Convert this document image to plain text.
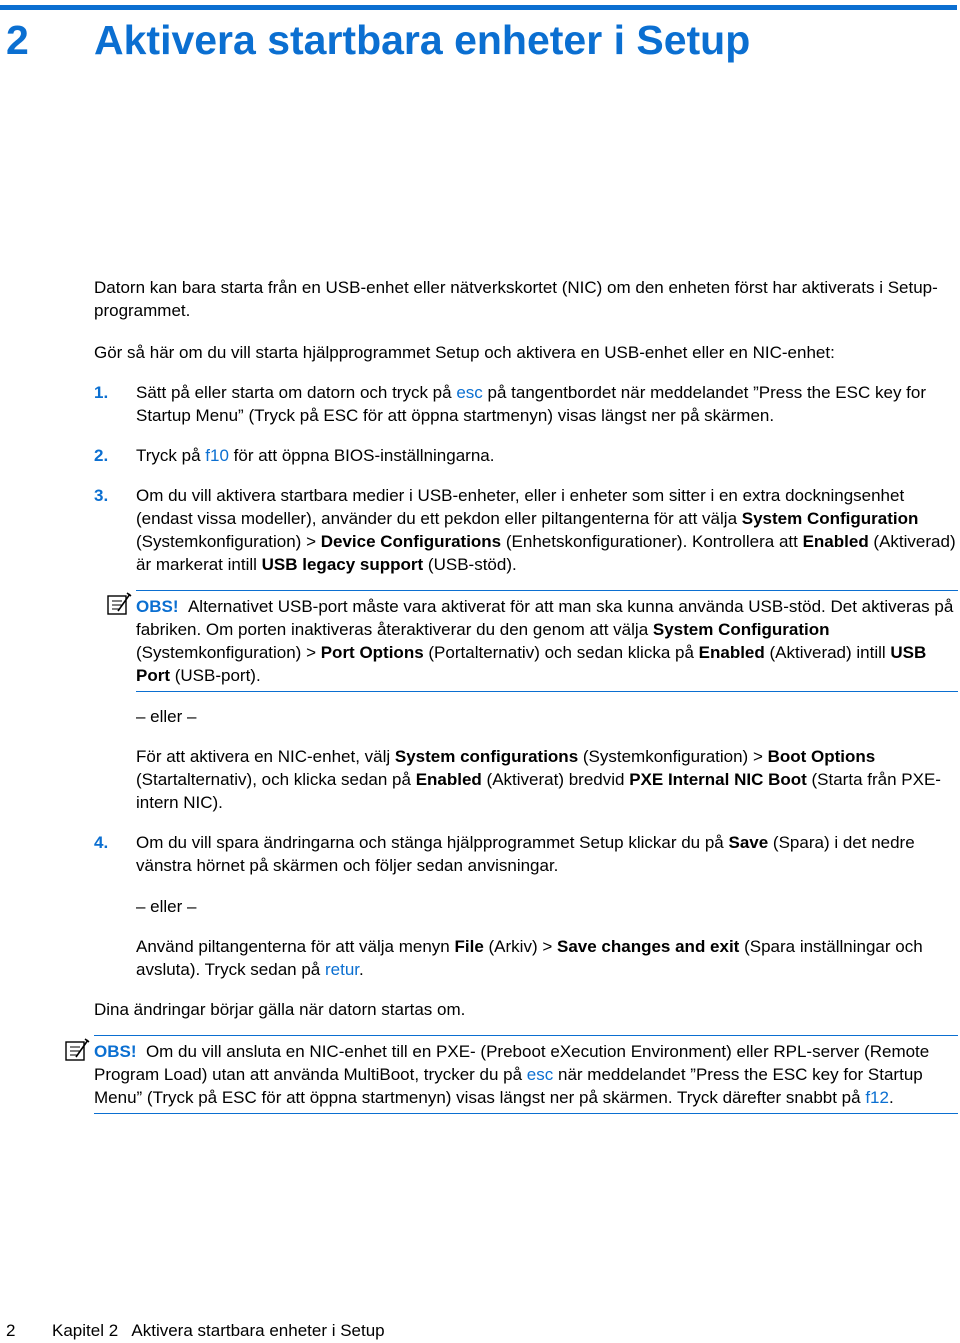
2 Aktivera startbara enheter i Setup

Datorn kan bara starta från en USB-enhet eller nätverkskortet (NIC) om den enheten först har aktiverats i Setup-programmet.

Gör så här om du vill starta hjälpprogrammet Setup och aktivera en USB-enhet eller en NIC-enhet:

1. Sätt på eller starta om datorn och tryck på esc på tangentbordet när meddelandet ”Press the ESC key for Startup Menu” (Tryck på ESC för att öppna startmenyn) visas längst ner på skärmen.
2. Tryck på f10 för att öppna BIOS-inställningarna.
3. Om du vill aktivera startbara medier i USB-enheter, eller i enheter som sitter i en extra dockningsenhet (endast vissa modeller), använder du ett pekdon eller piltangenterna för att välja System Configuration (Systemkonfiguration) > Device Configurations (Enhetskonfigurationer). Kontrollera att Enabled (Aktiverad) är markerat intill USB legacy support (USB-stöd).
OBS! Alternativet USB-port måste vara aktiverat för att man ska kunna använda USB-stöd. Det aktiveras på fabriken. Om porten inaktiveras återaktiverar du den genom att välja System Configuration (Systemkonfiguration) > Port Options (Portalternativ) och sedan klicka på Enabled (Aktiverad) intill USB Port (USB-port).

– eller –

För att aktivera en NIC-enhet, välj System configurations (Systemkonfiguration) > Boot Options (Startalternativ), och klicka sedan på Enabled (Aktiverat) bredvid PXE Internal NIC Boot (Starta från PXE-intern NIC).

4. Om du vill spara ändringarna och stänga hjälpprogrammet Setup klickar du på Save (Spara) i det nedre vänstra hörnet på skärmen och följer sedan anvisningar.

– eller –

Använd piltangenterna för att välja menyn File (Arkiv) > Save changes and exit (Spara inställningar och avsluta). Tryck sedan på retur.

Dina ändringar börjar gälla när datorn startas om.

OBS! Om du vill ansluta en NIC-enhet till en PXE- (Preboot eXecution Environment) eller RPL-server (Remote Program Load) utan att använda MultiBoot, trycker du på esc när meddelandet ”Press the ESC key for Startup Menu” (Tryck på ESC för att öppna startmenyn) visas längst ner på skärmen. Tryck därefter snabbt på f12.
2 Kapitel 2   Aktivera startbara enheter i Setup
